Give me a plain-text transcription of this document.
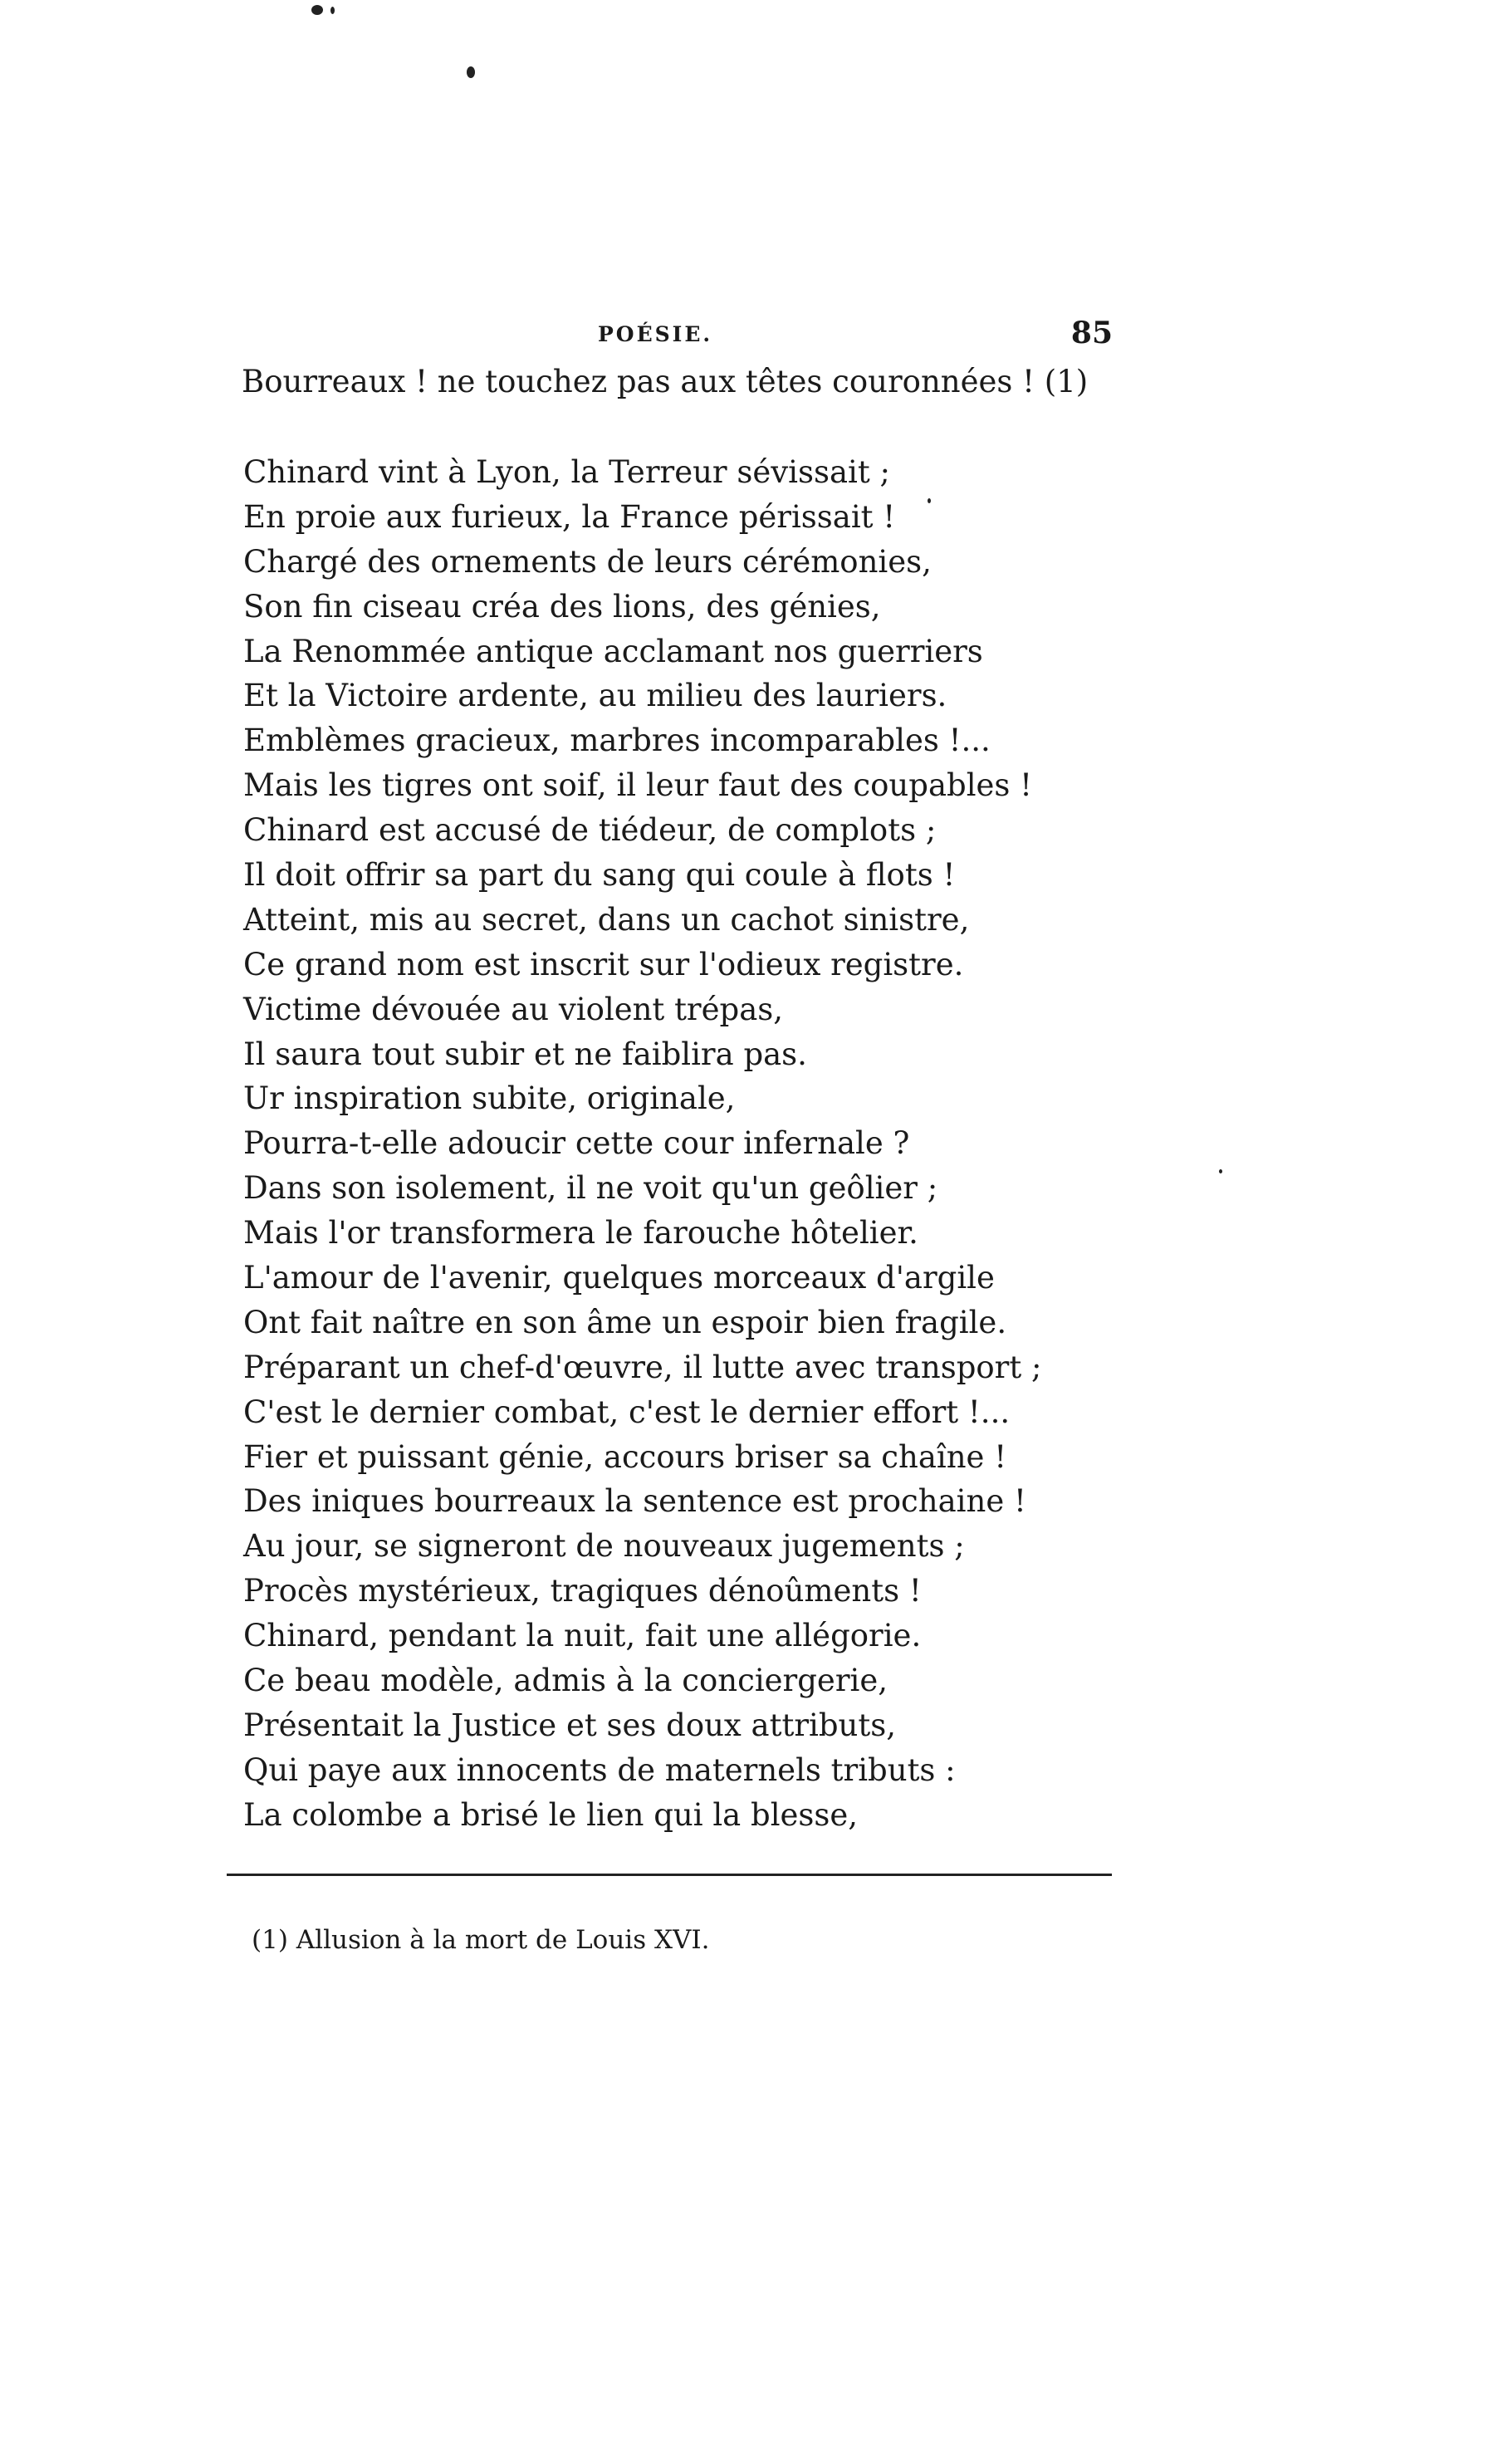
POÉSIE.	85
Bourreaux ! ne touchez pas aux têtes couronnées ! (1)
Chinard vint à Lyon, la Terreur sévissait ;
En proie aux furieux, la France périssait !
Chargé des ornements de leurs cérémonies,
Son fin ciseau créa des lions, des génies,
La Renommée antique acclamant nos guerriers
Et la Victoire ardente, au milieu des lauriers.
Emblèmes gracieux, marbres incomparables !...
Mais les tigres ont soif, il leur faut des coupables !
Chinard est accusé de tiédeur, de complots ;
Il doit offrir sa part du sang qui coule à flots !
Atteint, mis au secret, dans un cachot sinistre,
Ce grand nom est inscrit sur l'odieux registre.
Victime dévouée au violent trépas,
Il saura tout subir et ne faiblira pas.
Ur inspiration subite, originale,
Pourra-t-elle adoucir cette cour infernale ?
Dans son isolement, il ne voit qu'un geôlier ;
Mais l'or transformera le farouche hôtelier.
L'amour de l'avenir, quelques morceaux d'argile
Ont fait naître en son âme un espoir bien fragile.
Préparant un chef-d'œuvre, il lutte avec transport ;
C'est le dernier combat, c'est le dernier effort !...
Fier et puissant génie, accours briser sa chaîne !
Des iniques bourreaux la sentence est prochaine !
Au jour, se signeront de nouveaux jugements ;
Procès mystérieux, tragiques dénoûments !
Chinard, pendant la nuit, fait une allégorie.
Ce beau modèle, admis à la conciergerie,
Présentait la Justice et ses doux attributs,
Qui paye aux innocents de maternels tributs :
La colombe a brisé le lien qui la blesse,
(1) Allusion à la mort de Louis XVI.
